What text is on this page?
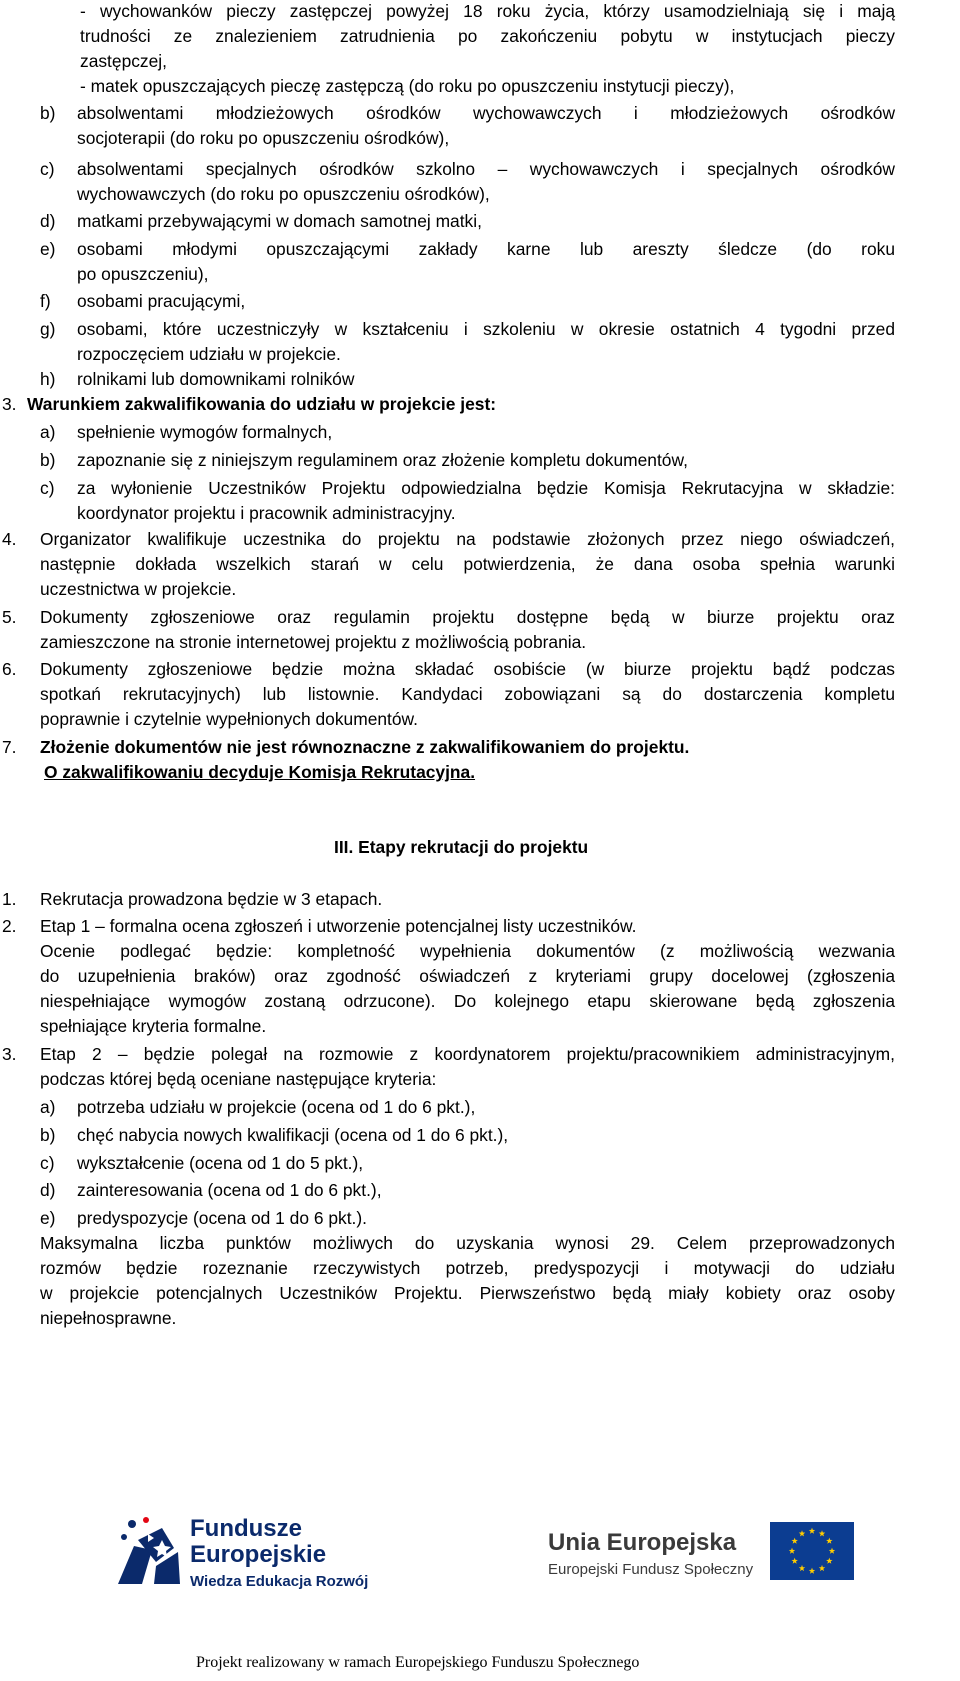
- wychowanków pieczy zastępczej powyżej 18 roku życia, którzy usamodzielniają się i mają
trudności ze znalezieniem zatrudnienia po zakończeniu pobytu w instytucjach pieczy
zastępczej,
- matek opuszczających pieczę zastępczą (do roku po opuszczeniu instytucji pieczy),
b) absolwentami młodzieżowych ośrodków wychowawczych i młodzieżowych ośrodków
socjoterapii (do roku po opuszczeniu ośrodków),
c) absolwentami specjalnych ośrodków szkolno – wychowawczych i specjalnych ośrodków
wychowawczych (do roku po opuszczeniu ośrodków),
d) matkami przebywającymi w domach samotnej matki,
e) osobami młodymi opuszczającymi zakłady karne lub areszty śledcze (do roku
po opuszczeniu),
f) osobami pracującymi,
g) osobami, które uczestniczyły w kształceniu i szkoleniu w okresie ostatnich 4 tygodni przed
rozpoczęciem udziału w projekcie.
h) rolnikami lub domownikami rolników
3. Warunkiem zakwalifikowania do udziału w projekcie jest:
a) spełnienie wymogów formalnych,
b) zapoznanie się z niniejszym regulaminem oraz złożenie kompletu dokumentów,
c) za wyłonienie Uczestników Projektu odpowiedzialna będzie Komisja Rekrutacyjna w składzie:
koordynator projektu i pracownik administracyjny.
4. Organizator kwalifikuje uczestnika do projektu na podstawie złożonych przez niego oświadczeń,
następnie dokłada wszelkich starań w celu potwierdzenia, że dana osoba spełnia warunki
uczestnictwa w projekcie.
5. Dokumenty zgłoszeniowe oraz regulamin projektu dostępne będą w biurze projektu oraz
zamieszczone na stronie internetowej projektu z możliwością pobrania.
6. Dokumenty zgłoszeniowe będzie można składać osobiście (w biurze projektu bądź podczas
spotkań rekrutacyjnych) lub listownie. Kandydaci zobowiązani są do dostarczenia kompletu
poprawnie i czytelnie wypełnionych dokumentów.
7. Złożenie dokumentów nie jest równoznaczne z zakwalifikowaniem do projektu.
O zakwalifikowaniu decyduje Komisja Rekrutacyjna.
III. Etapy rekrutacji do projektu
1. Rekrutacja prowadzona będzie w 3 etapach.
2. Etap 1 – formalna ocena zgłoszeń i utworzenie potencjalnej listy uczestników.
Ocenie podlegać będzie: kompletność wypełnienia dokumentów (z możliwością wezwania
do uzupełnienia braków) oraz zgodność oświadczeń z kryteriami grupy docelowej (zgłoszenia
niespełniające wymogów zostaną odrzucone). Do kolejnego etapu skierowane będą zgłoszenia
spełniające kryteria formalne.
3. Etap 2 – będzie polegał na rozmowie z koordynatorem projektu/pracownikiem administracyjnym,
podczas której będą oceniane następujące kryteria:
a) potrzeba udziału w projekcie (ocena od 1 do 6 pkt.),
b) chęć nabycia nowych kwalifikacji (ocena od 1 do 6 pkt.),
c) wykształcenie (ocena od 1 do 5 pkt.),
d) zainteresowania (ocena od 1 do 6 pkt.),
e) predyspozycje (ocena od 1 do 6 pkt.).
Maksymalna liczba punktów możliwych do uzyskania wynosi 29. Celem przeprowadzonych
rozmów będzie rozeznanie rzeczywistych potrzeb, predyspozycji i motywacji do udziału
w projekcie potencjalnych Uczestników Projektu. Pierwszeństwo będą miały kobiety oraz osoby
niepełnosprawne.
Fundusze
Europejskie
Wiedza Edukacja Rozwój
Unia Europejska
Europejski Fundusz Społeczny
Projekt realizowany w ramach Europejskiego Funduszu Społecznego
